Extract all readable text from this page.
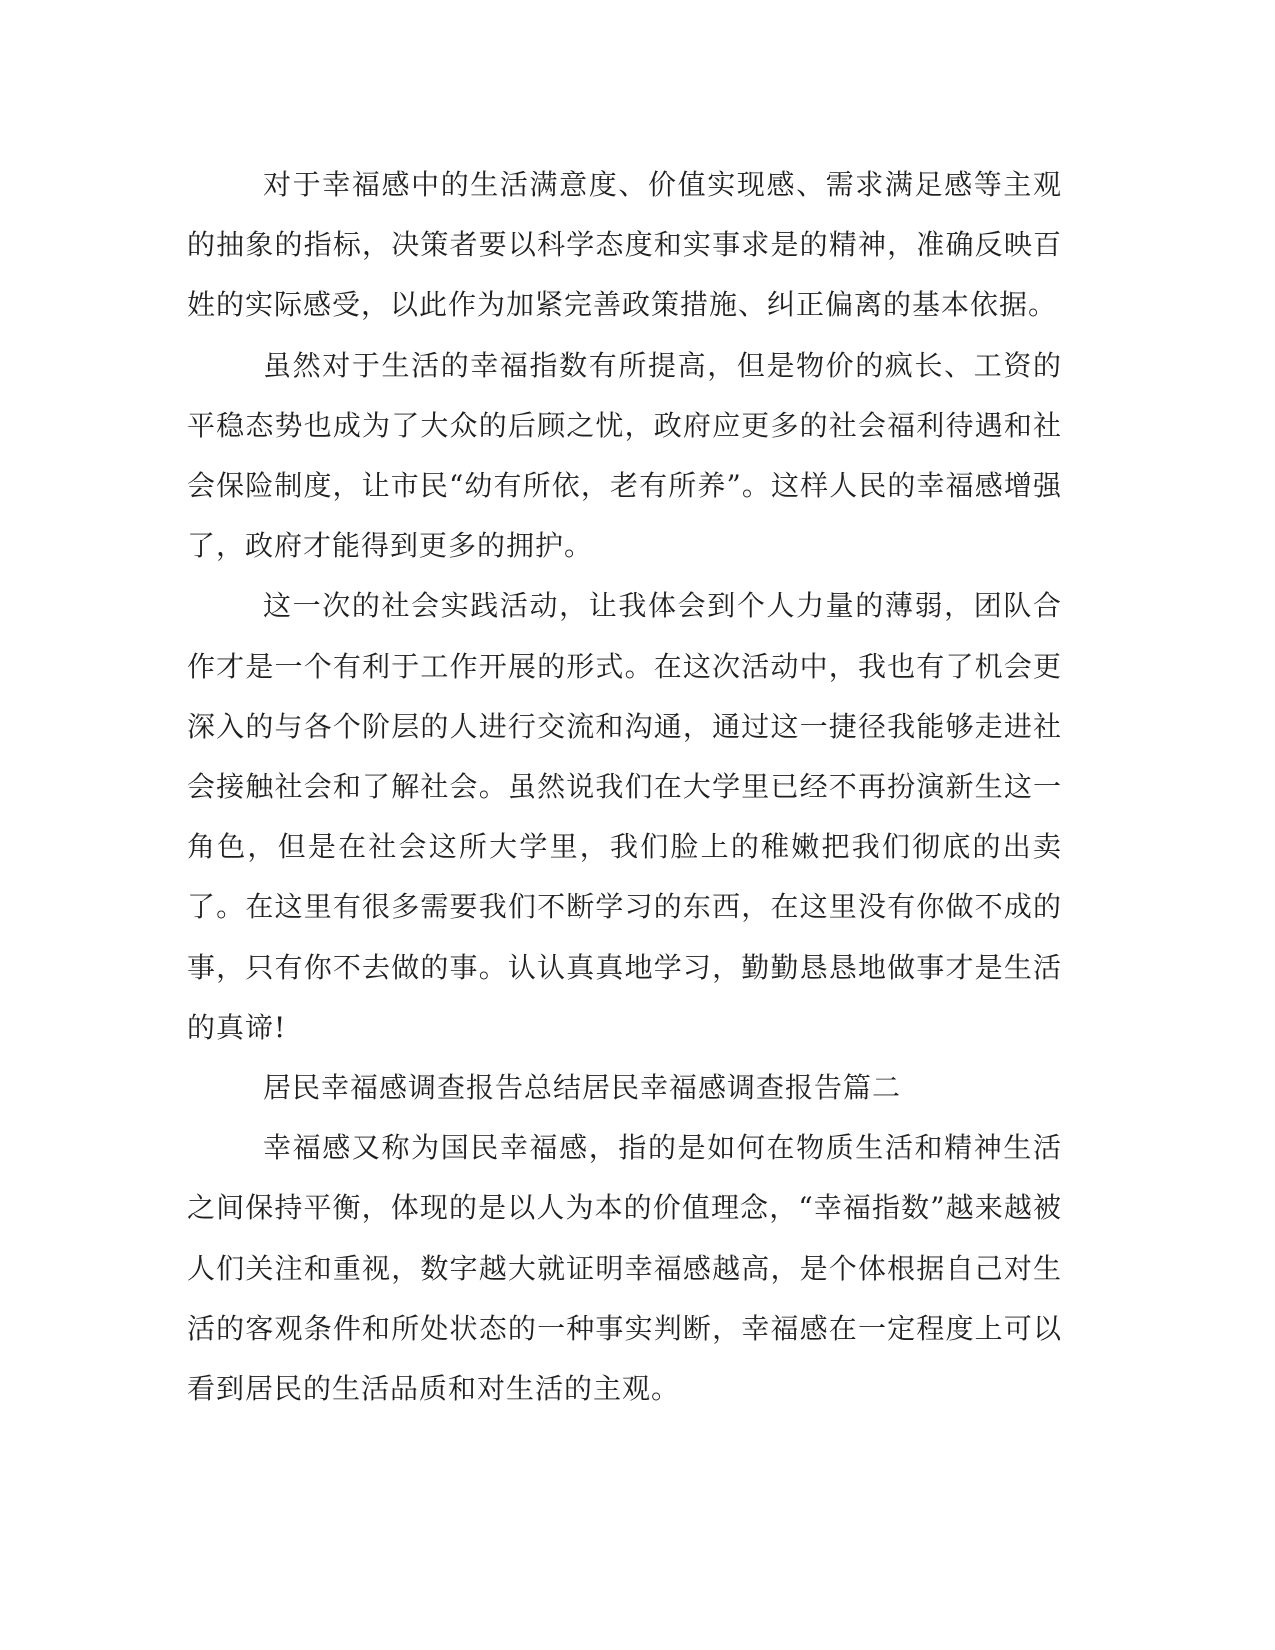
对于幸福感中的生活满意度、价值实现感、需求满足感等主观的抽象的指标，决策者要以科学态度和实事求是的精神，准确反映百姓的实际感受，以此作为加紧完善政策措施、纠正偏离的基本依据。

虽然对于生活的幸福指数有所提高，但是物价的疯长、工资的平稳态势也成为了大众的后顾之忧，政府应更多的社会福利待遇和社会保险制度，让市民“幼有所依，老有所养”。这样人民的幸福感增强了，政府才能得到更多的拥护。

这一次的社会实践活动，让我体会到个人力量的薄弱，团队合作才是一个有利于工作开展的形式。在这次活动中，我也有了机会更深入的与各个阶层的人进行交流和沟通，通过这一捷径我能够走进社会接触社会和了解社会。虽然说我们在大学里已经不再扮演新生这一角色，但是在社会这所大学里，我们脸上的稚嫩把我们彻底的出卖了。在这里有很多需要我们不断学习的东西，在这里没有你做不成的事，只有你不去做的事。认认真真地学习，勤勤恳恳地做事才是生活的真谛!

居民幸福感调查报告总结居民幸福感调查报告篇二

幸福感又称为国民幸福感，指的是如何在物质生活和精神生活之间保持平衡，体现的是以人为本的价值理念，“幸福指数”越来越被人们关注和重视，数字越大就证明幸福感越高，是个体根据自己对生活的客观条件和所处状态的一种事实判断，幸福感在一定程度上可以看到居民的生活品质和对生活的主观。
